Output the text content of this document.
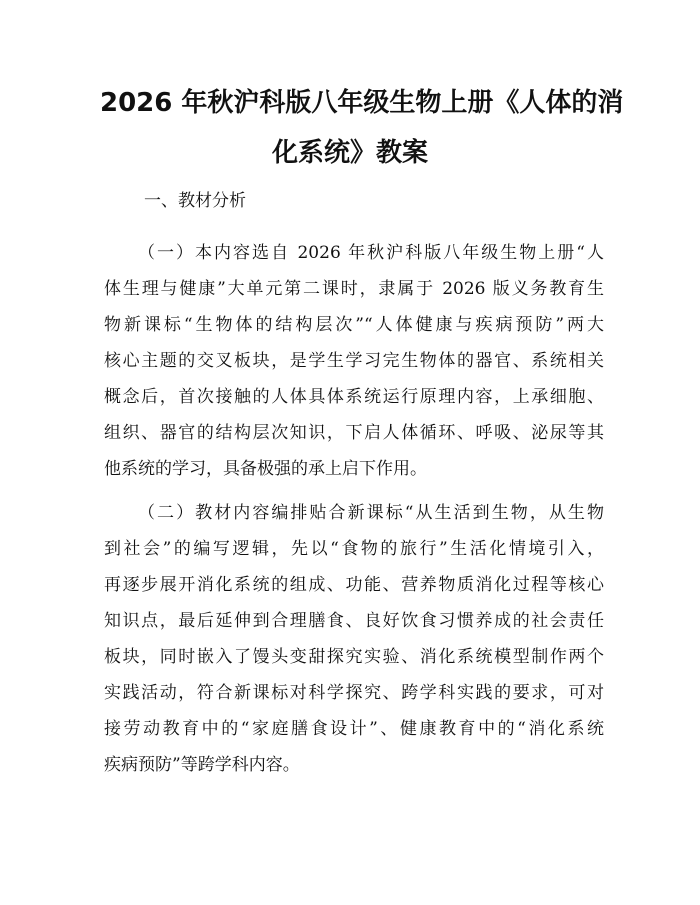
2026 年秋沪科版八年级生物上册《人体的消
化系统》教案
一、教材分析
（一）本内容选自 2026 年秋沪科版八年级生物上册“人
体生理与健康”大单元第二课时，隶属于 2026 版义务教育生
物新课标“生物体的结构层次”“人体健康与疾病预防”两大
核心主题的交叉板块，是学生学习完生物体的器官、系统相关
概念后，首次接触的人体具体系统运行原理内容，上承细胞、
组织、器官的结构层次知识，下启人体循环、呼吸、泌尿等其
他系统的学习，具备极强的承上启下作用。
（二）教材内容编排贴合新课标“从生活到生物，从生物
到社会”的编写逻辑，先以“食物的旅行”生活化情境引入，
再逐步展开消化系统的组成、功能、营养物质消化过程等核心
知识点，最后延伸到合理膳食、良好饮食习惯养成的社会责任
板块，同时嵌入了馒头变甜探究实验、消化系统模型制作两个
实践活动，符合新课标对科学探究、跨学科实践的要求，可对
接劳动教育中的“家庭膳食设计”、健康教育中的“消化系统
疾病预防”等跨学科内容。
